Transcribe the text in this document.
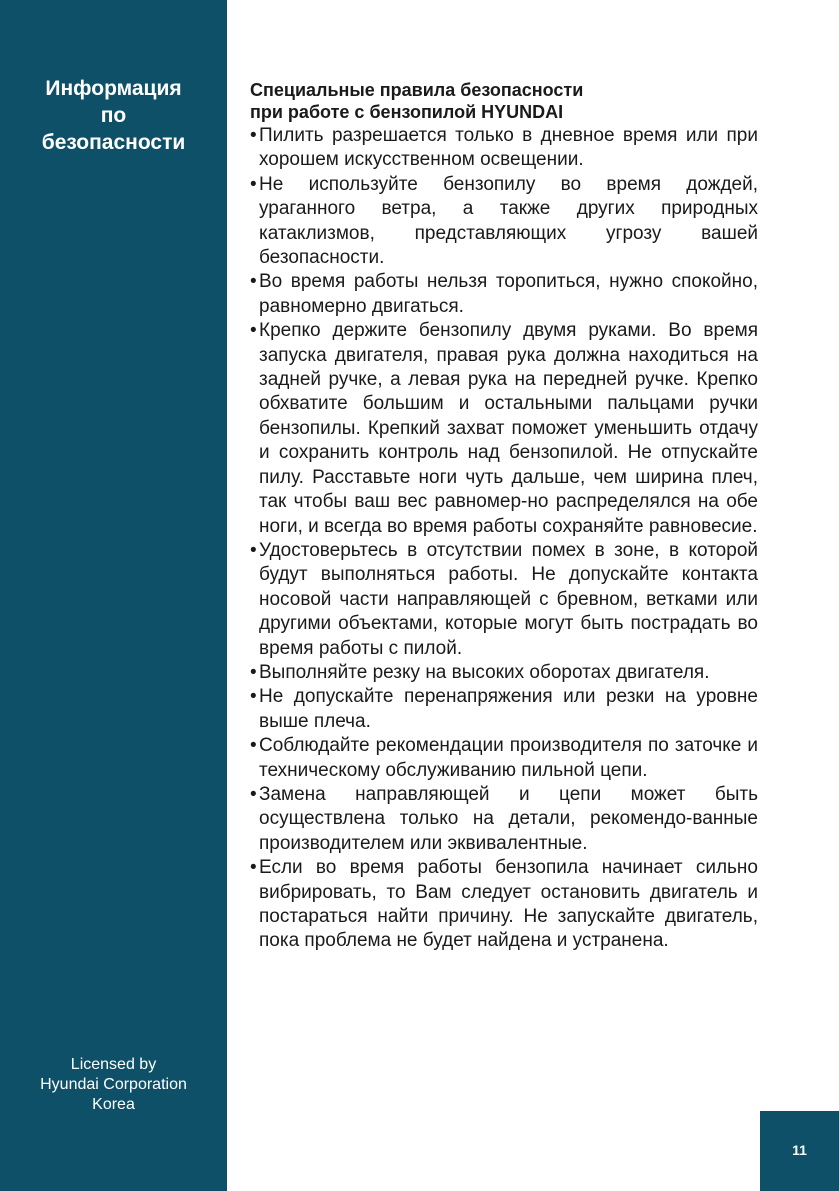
Информация
по
безопасности
Licensed by
Hyundai Corporation
Korea
Специальные правила безопасности
при работе с бензопилой HYUNDAI
• Пилить разрешается только в дневное время или при хорошем искусственном освещении.
• Не используйте бензопилу во время дождей, ураганного ветра, а также других природных катаклизмов, представляющих угрозу вашей безопасности.
• Во время работы нельзя торопиться, нужно спокойно, равномерно двигаться.
• Крепко держите бензопилу двумя руками. Во время запуска двигателя, правая рука должна находиться на задней ручке, а левая рука на передней ручке. Крепко обхватите большим и остальными пальцами ручки бензопилы. Крепкий захват поможет уменьшить отдачу и сохранить контроль над бензопилой. Не отпускайте пилу. Расставьте ноги чуть дальше, чем ширина плеч, так чтобы ваш вес равномер-но распределялся на обе ноги, и всегда во время работы сохраняйте равновесие.
• Удостоверьтесь в отсутствии помех в зоне, в которой будут выполняться работы. Не допускайте контакта носовой части направляющей с бревном, ветками или другими объектами, которые могут быть пострадать во время работы с пилой.
• Выполняйте резку на высоких оборотах двигателя.
• Не допускайте перенапряжения или резки на уровне выше плеча.
• Соблюдайте рекомендации производителя по заточке и техническому обслуживанию пильной цепи.
• Замена направляющей и цепи может быть осуществлена только на детали, рекомендо-ванные производителем или эквивалентные.
• Если во время работы бензопила начинает сильно вибрировать, то Вам следует остановить двигатель и постараться найти причину. Не запускайте двигатель, пока проблема не будет найдена и устранена.
11
